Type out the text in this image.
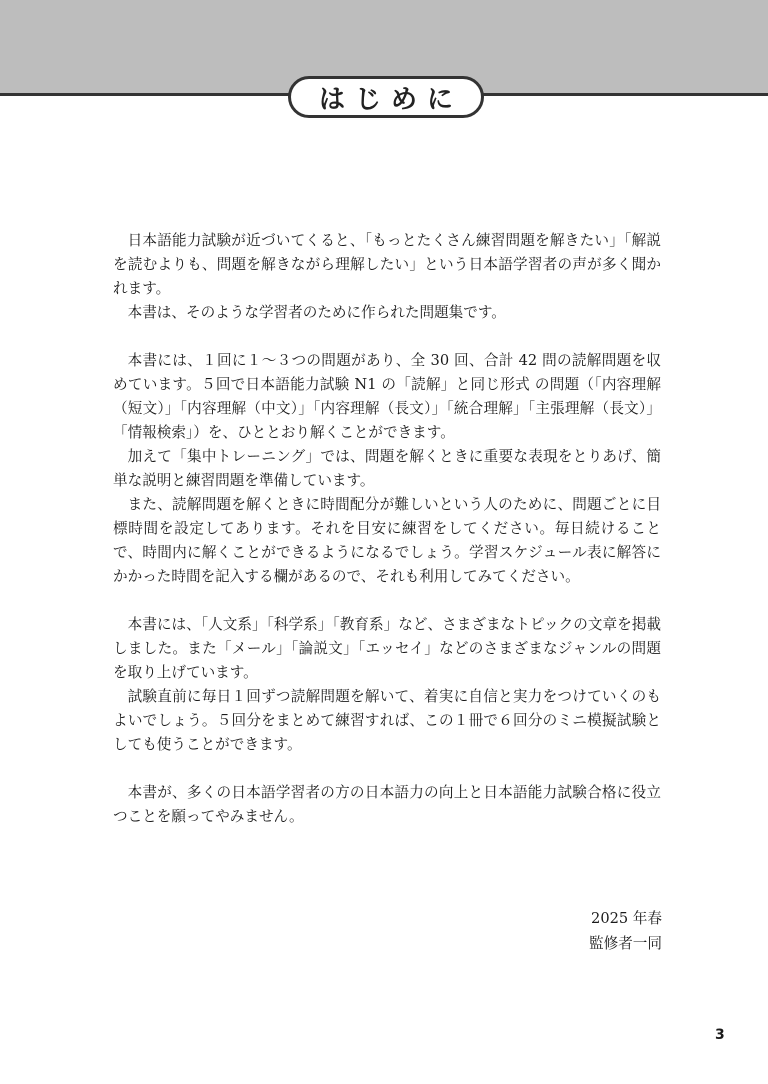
はじめに

日本語能力試験が近づいてくると、「もっとたくさん練習問題を解きたい」「解説を読むよりも、問題を解きながら理解したい」という日本語学習者の声が多く聞かれます。

本書は、そのような学習者のために作られた問題集です。

本書には、１回に１～３つの問題があり、全 30 回、合計 42 問の読解問題を収めています。５回で日本語能力試験 N1 の「読解」と同じ形式 の問題（「内容理解（短文）」「内容理解（中文）」「内容理解（長文）」「統合理解」「主張理解（長文）」「情報検索」）を、ひととおり解くことができます。

加えて「集中トレーニング」では、問題を解くときに重要な表現をとりあげ、簡単な説明と練習問題を準備しています。

また、読解問題を解くときに時間配分が難しいという人のために、問題ごとに目標時間を設定してあります。それを目安に練習をしてください。毎日続けることで、時間内に解くことができるようになるでしょう。学習スケジュール表に解答にかかった時間を記入する欄があるので、それも利用してみてください。

本書には、「人文系」「科学系」「教育系」など、さまざまなトピックの文章を掲載しました。また「メール」「論説文」「エッセイ」などのさまざまなジャンルの問題を取り上げています。

試験直前に毎日１回ずつ読解問題を解いて、着実に自信と実力をつけていくのもよいでしょう。５回分をまとめて練習すれば、この１冊で６回分のミニ模擬試験としても使うことができます。

本書が、多くの日本語学習者の方の日本語力の向上と日本語能力試験合格に役立つことを願ってやみません。

2025 年春
監修者一同
3
